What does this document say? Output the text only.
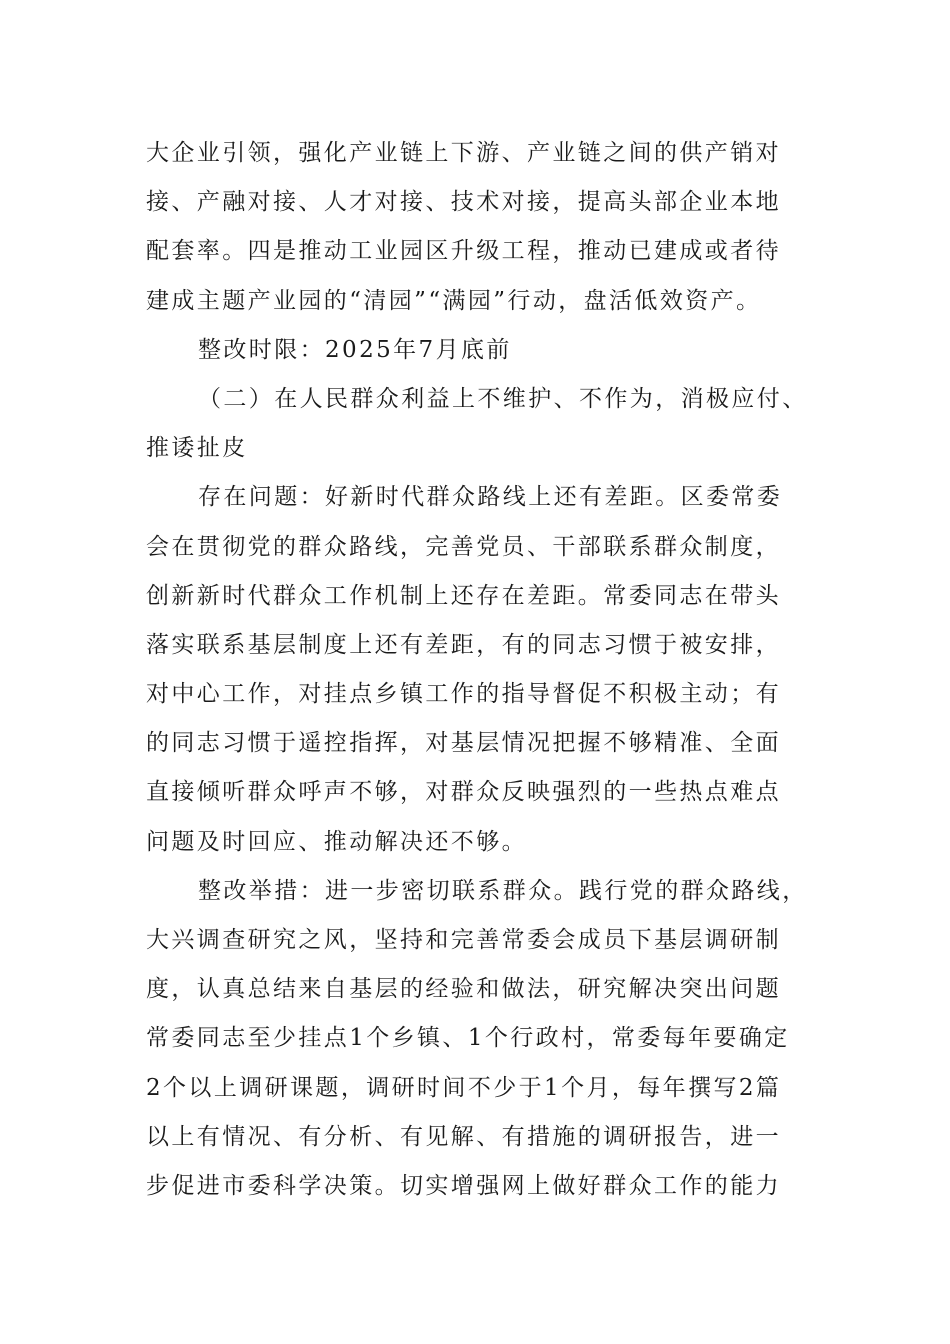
大企业引领，强化产业链上下游、产业链之间的供产销对
接、产融对接、人才对接、技术对接，提高头部企业本地
配套率。四是推动工业园区升级工程，推动已建成或者待
建成主题产业园的“清园”“满园”行动，盘活低效资产。
整改时限：2025年7月底前
（二）在人民群众利益上不维护、不作为，消极应付、
推诿扯皮
存在问题：好新时代群众路线上还有差距。区委常委
会在贯彻党的群众路线，完善党员、干部联系群众制度，
创新新时代群众工作机制上还存在差距。常委同志在带头
落实联系基层制度上还有差距，有的同志习惯于被安排，
对中心工作，对挂点乡镇工作的指导督促不积极主动；有
的同志习惯于遥控指挥，对基层情况把握不够精准、全面
直接倾听群众呼声不够，对群众反映强烈的一些热点难点
问题及时回应、推动解决还不够。
整改举措：进一步密切联系群众。践行党的群众路线，
大兴调查研究之风，坚持和完善常委会成员下基层调研制
度，认真总结来自基层的经验和做法，研究解决突出问题
常委同志至少挂点1个乡镇、1个行政村，常委每年要确定
2个以上调研课题，调研时间不少于1个月，每年撰写2篇
以上有情况、有分析、有见解、有措施的调研报告，进一
步促进市委科学决策。切实增强网上做好群众工作的能力
